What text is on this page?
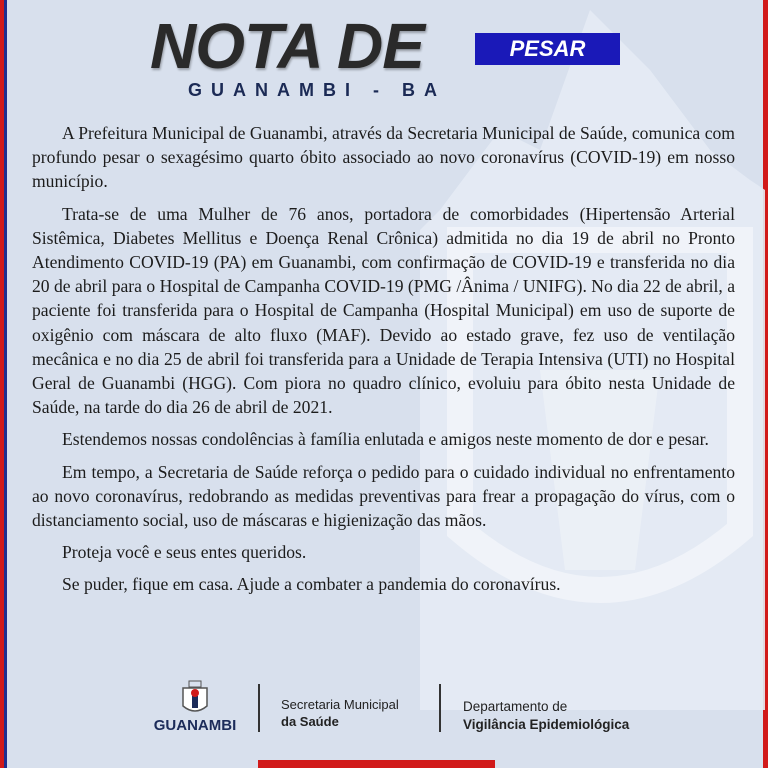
NOTA DE	PESAR
GUANAMBI - BA

A Prefeitura Municipal de Guanambi, através da Secretaria Municipal de Saúde, comunica com profundo pesar o sexagésimo quarto óbito associado ao novo coronavírus (COVID-19) em nosso município.

Trata-se de uma Mulher de 76 anos, portadora de comorbidades (Hipertensão Arterial Sistêmica, Diabetes Mellitus e Doença Renal Crônica) admitida no dia 19 de abril no Pronto Atendimento COVID-19 (PA) em Guanambi, com confirmação de COVID-19 e transferida no dia 20 de abril para o Hospital de Campanha COVID-19 (PMG /Ânima / UNIFG). No dia 22 de abril, a paciente foi transferida para o Hospital de Campanha (Hospital Municipal) em uso de suporte de oxigênio com máscara de alto fluxo (MAF). Devido ao estado grave, fez uso de ventilação mecânica e no dia 25 de abril foi transferida para a Unidade de Terapia Intensiva (UTI) no Hospital Geral de Guanambi (HGG). Com piora no quadro clínico, evoluiu para óbito nesta Unidade de Saúde, na tarde do dia 26 de abril de 2021.

Estendemos nossas condolências à família enlutada e amigos neste momento de dor e pesar.

Em tempo, a Secretaria de Saúde reforça o pedido para o cuidado individual no enfrentamento ao novo coronavírus, redobrando as medidas preventivas para frear a propagação do vírus, com o distanciamento social, uso de máscaras e higienização das mãos.

Proteja você e seus entes queridos.

Se puder, fique em casa. Ajude a combater a pandemia do coronavírus.

GUANAMBI
Secretaria Municipal
da Saúde
Departamento de
Vigilância Epidemiológica
